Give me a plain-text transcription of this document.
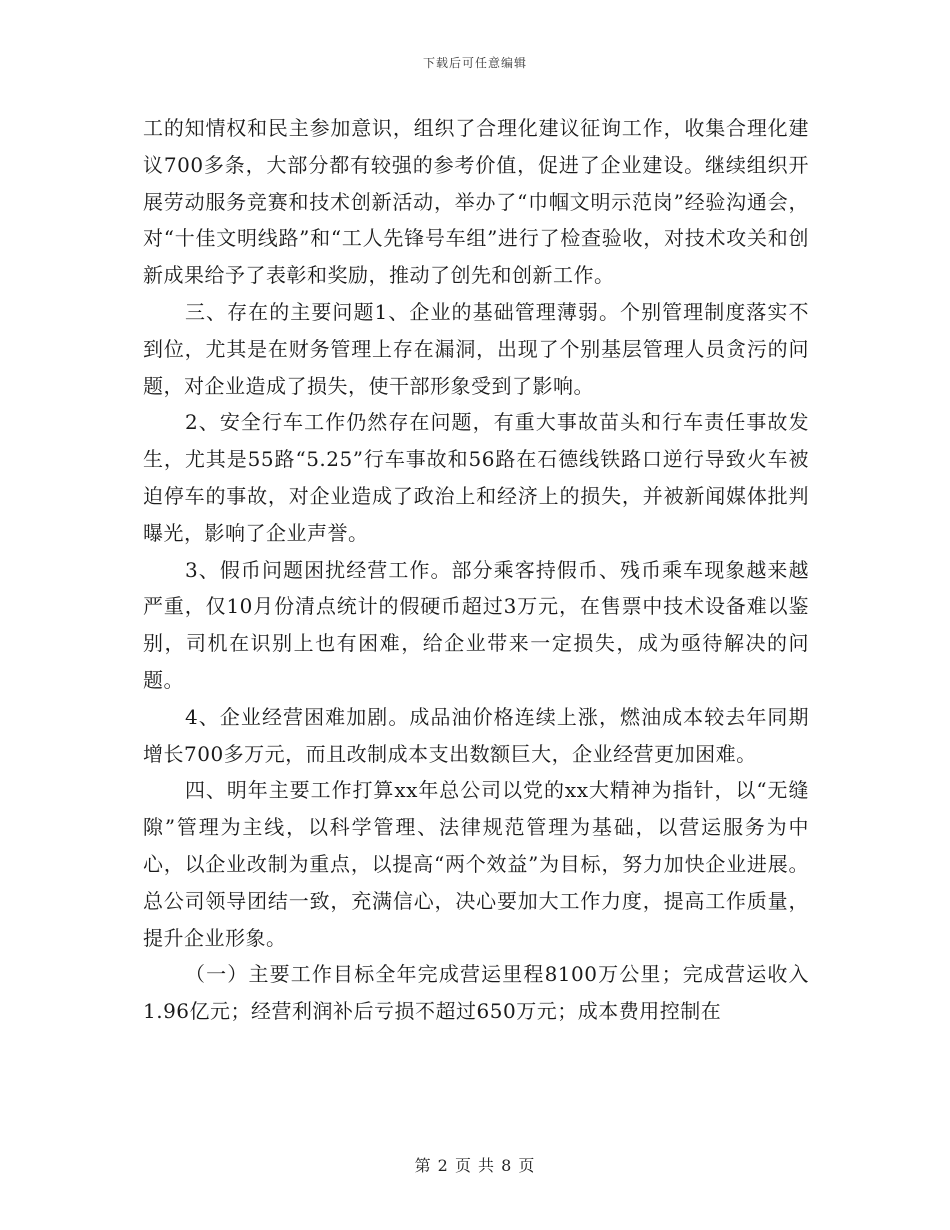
下载后可任意编辑

工的知情权和民主参加意识，组织了合理化建议征询工作，收集合理化建议700多条，大部分都有较强的参考价值，促进了企业建设。继续组织开展劳动服务竞赛和技术创新活动，举办了“巾帼文明示范岗”经验沟通会，对“十佳文明线路”和“工人先锋号车组”进行了检查验收，对技术攻关和创新成果给予了表彰和奖励，推动了创先和创新工作。

三、存在的主要问题1、企业的基础管理薄弱。个别管理制度落实不到位，尤其是在财务管理上存在漏洞，出现了个别基层管理人员贪污的问题，对企业造成了损失，使干部形象受到了影响。

2、安全行车工作仍然存在问题，有重大事故苗头和行车责任事故发生，尤其是55路“5.25”行车事故和56路在石德线铁路口逆行导致火车被迫停车的事故，对企业造成了政治上和经济上的损失，并被新闻媒体批判曝光，影响了企业声誉。

3、假币问题困扰经营工作。部分乘客持假币、残币乘车现象越来越严重，仅10月份清点统计的假硬币超过3万元，在售票中技术设备难以鉴别，司机在识别上也有困难，给企业带来一定损失，成为亟待解决的问题。

4、企业经营困难加剧。成品油价格连续上涨，燃油成本较去年同期增长700多万元，而且改制成本支出数额巨大，企业经营更加困难。

四、明年主要工作打算xx年总公司以党的xx大精神为指针，以“无缝隙”管理为主线，以科学管理、法律规范管理为基础，以营运服务为中心，以企业改制为重点，以提高“两个效益”为目标，努力加快企业进展。总公司领导团结一致，充满信心，决心要加大工作力度，提高工作质量，提升企业形象。

（一）主要工作目标全年完成营运里程8100万公里；完成营运收入1.96亿元；经营利润补后亏损不超过650万元；成本费用控制在

第 2 页 共 8 页
